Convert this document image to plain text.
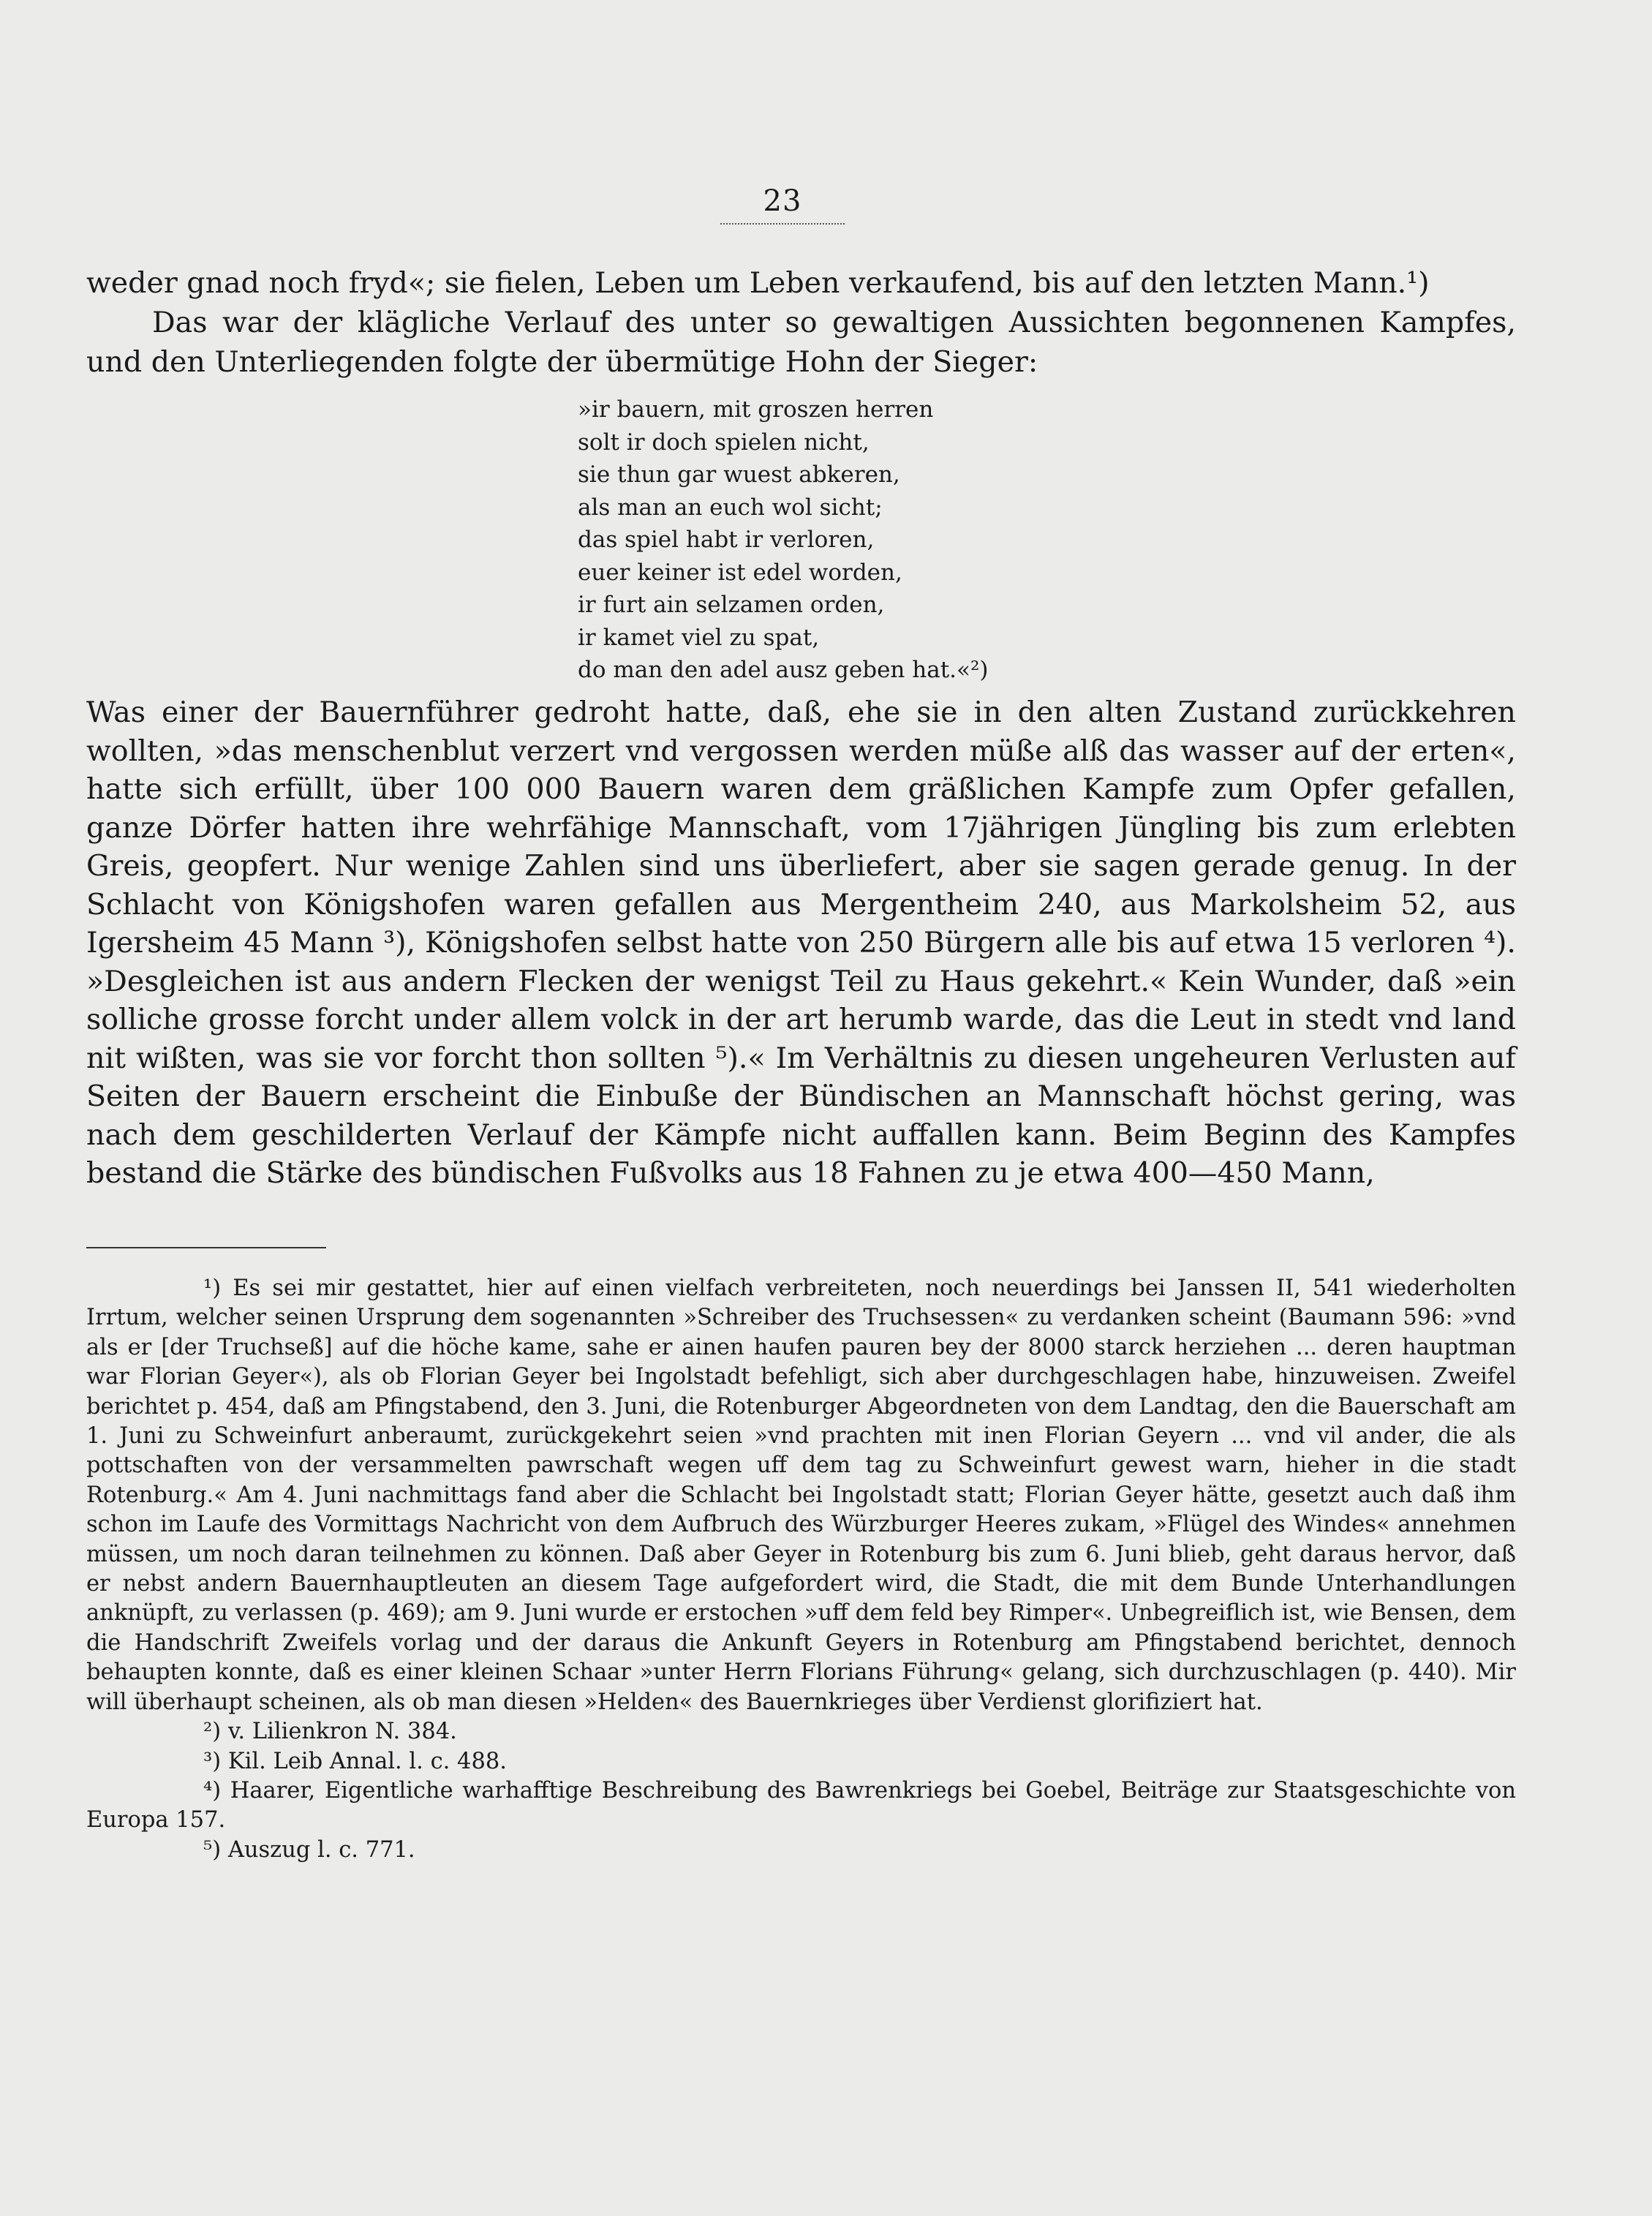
23

weder gnad noch fryd«; sie fielen, Leben um Leben verkaufend, bis auf den letzten Mann.¹)

Das war der klägliche Verlauf des unter so gewaltigen Aussichten begonnenen Kampfes, und den Unterliegenden folgte der übermütige Hohn der Sieger:

»ir bauern, mit groszen herren
solt ir doch spielen nicht,
sie thun gar wuest abkeren,
als man an euch wol sicht;
das spiel habt ir verloren,
euer keiner ist edel worden,
ir furt ain selzamen orden,
ir kamet viel zu spat,
do man den adel ausz geben hat.«²)

Was einer der Bauernführer gedroht hatte, daß, ehe sie in den alten Zustand zurückkehren wollten, »das menschenblut verzert vnd vergossen werden müße alß das wasser auf der erten«, hatte sich erfüllt, über 100 000 Bauern waren dem gräßlichen Kampfe zum Opfer gefallen, ganze Dörfer hatten ihre wehrfähige Mannschaft, vom 17jährigen Jüngling bis zum erlebten Greis, geopfert. Nur wenige Zahlen sind uns überliefert, aber sie sagen gerade genug. In der Schlacht von Königshofen waren gefallen aus Mergentheim 240, aus Markolsheim 52, aus Igersheim 45 Mann ³), Königshofen selbst hatte von 250 Bürgern alle bis auf etwa 15 verloren ⁴). »Desgleichen ist aus andern Flecken der wenigst Teil zu Haus gekehrt.« Kein Wunder, daß »ein solliche grosse forcht under allem volck in der art herumb warde, das die Leut in stedt vnd land nit wißten, was sie vor forcht thon sollten ⁵).« Im Verhältnis zu diesen ungeheuren Verlusten auf Seiten der Bauern erscheint die Einbuße der Bündischen an Mannschaft höchst gering, was nach dem geschilderten Verlauf der Kämpfe nicht auffallen kann. Beim Beginn des Kampfes bestand die Stärke des bündischen Fußvolks aus 18 Fahnen zu je etwa 400—450 Mann,

¹) Es sei mir gestattet, hier auf einen vielfach verbreiteten, noch neuerdings bei Janssen II, 541 wiederholten Irrtum, welcher seinen Ursprung dem sogenannten »Schreiber des Truchsessen« zu verdanken scheint (Baumann 596: »vnd als er [der Truchseß] auf die höche kame, sahe er ainen haufen pauren bey der 8000 starck herziehen ... deren hauptman war Florian Geyer«), als ob Florian Geyer bei Ingolstadt befehligt, sich aber durchgeschlagen habe, hinzuweisen. Zweifel berichtet p. 454, daß am Pfingstabend, den 3. Juni, die Rotenburger Abgeordneten von dem Landtag, den die Bauerschaft am 1. Juni zu Schweinfurt anberaumt, zurückgekehrt seien »vnd prachten mit inen Florian Geyern ... vnd vil ander, die als pottschaften von der versammelten pawrschaft wegen uff dem tag zu Schweinfurt gewest warn, hieher in die stadt Rotenburg.« Am 4. Juni nachmittags fand aber die Schlacht bei Ingolstadt statt; Florian Geyer hätte, gesetzt auch daß ihm schon im Laufe des Vormittags Nachricht von dem Aufbruch des Würzburger Heeres zukam, »Flügel des Windes« annehmen müssen, um noch daran teilnehmen zu können. Daß aber Geyer in Rotenburg bis zum 6. Juni blieb, geht daraus hervor, daß er nebst andern Bauernhauptleuten an diesem Tage aufgefordert wird, die Stadt, die mit dem Bunde Unterhandlungen anknüpft, zu verlassen (p. 469); am 9. Juni wurde er erstochen »uff dem feld bey Rimper«. Unbegreiflich ist, wie Bensen, dem die Handschrift Zweifels vorlag und der daraus die Ankunft Geyers in Rotenburg am Pfingstabend berichtet, dennoch behaupten konnte, daß es einer kleinen Schaar »unter Herrn Florians Führung« gelang, sich durchzuschlagen (p. 440). Mir will überhaupt scheinen, als ob man diesen »Helden« des Bauernkrieges über Verdienst glorifiziert hat.

²) v. Lilienkron N. 384.

³) Kil. Leib Annal. l. c. 488.

⁴) Haarer, Eigentliche warhafftige Beschreibung des Bawrenkriegs bei Goebel, Beiträge zur Staatsgeschichte von Europa 157.

⁵) Auszug l. c. 771.
